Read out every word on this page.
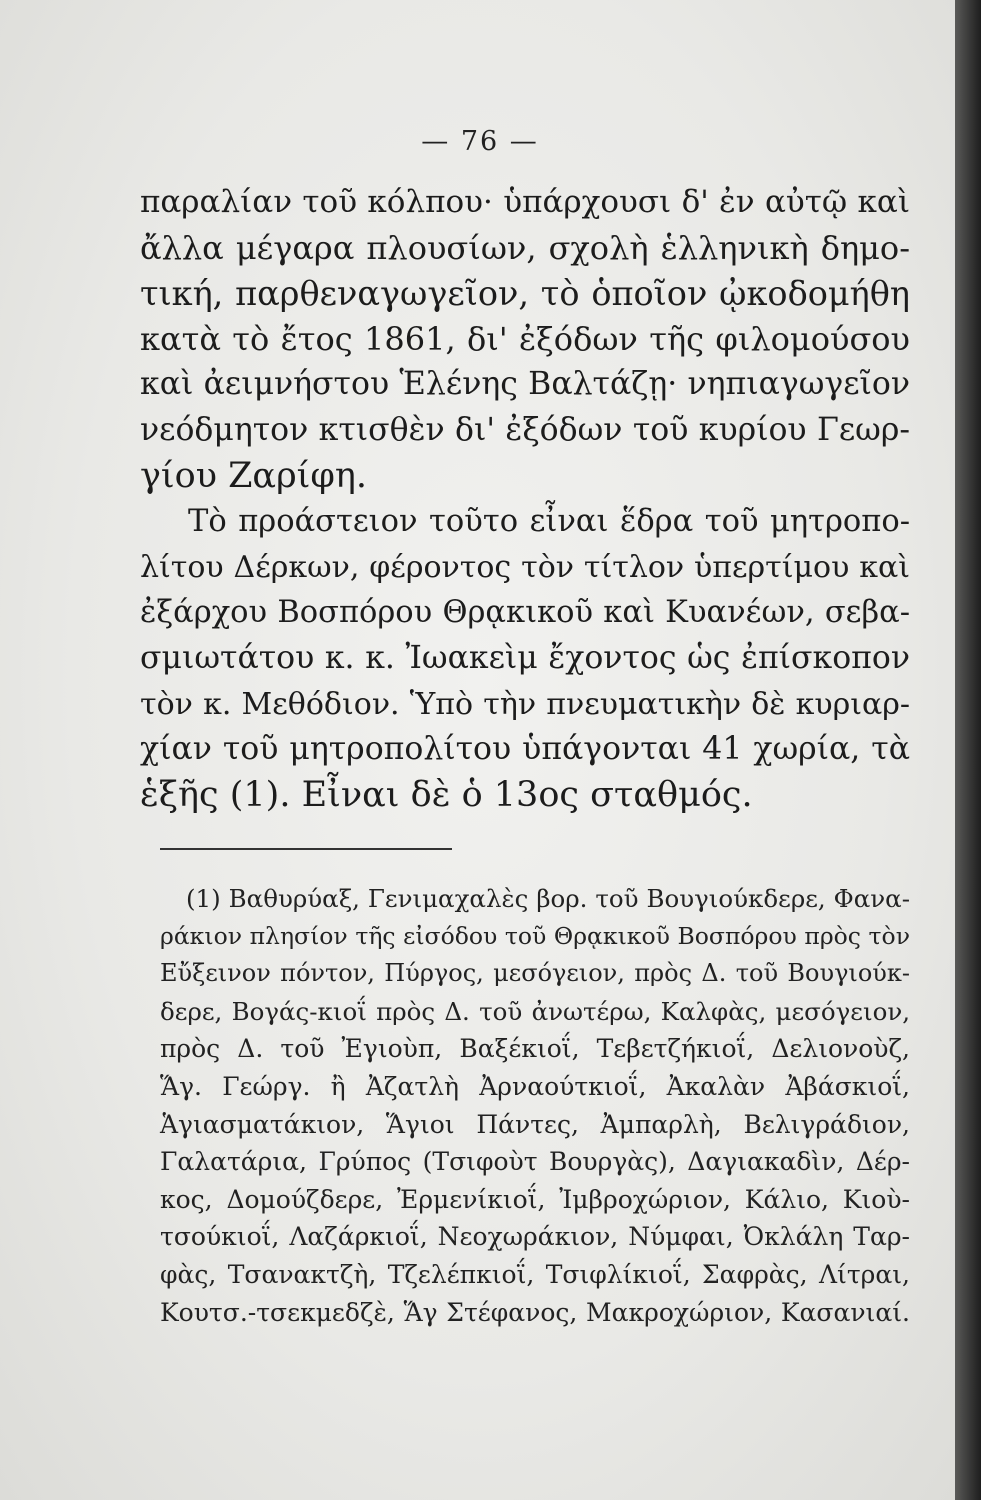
— 76 —
παραλίαν τοῦ κόλπου· ὑπάρχουσι δ' ἐν αὐτῷ καὶ
ἄλλα μέγαρα πλουσίων, σχολὴ ἑλληνικὴ δημο-
τική, παρθεναγωγεῖον, τὸ ὁποῖον ᾠκοδομήθη
κατὰ τὸ ἔτος 1861, δι' ἐξόδων τῆς φιλομούσου
καὶ ἀειμνήστου Ἑλένης Βαλτάζῃ· νηπιαγωγεῖον
νεόδμητον κτισθὲν δι' ἐξόδων τοῦ κυρίου Γεωρ-
γίου Ζαρίφη.
Τὸ προάστειον τοῦτο εἶναι ἕδρα τοῦ μητροπο-
λίτου Δέρκων, φέροντος τὸν τίτλον ὑπερτίμου καὶ
ἐξάρχου Βοσπόρου Θρᾳκικοῦ καὶ Κυανέων, σεβα-
σμιωτάτου κ. κ. Ἰωακεὶμ ἔχοντος ὡς ἐπίσκοπον
τὸν κ. Μεθόδιον. Ὑπὸ τὴν πνευματικὴν δὲ κυριαρ-
χίαν τοῦ μητροπολίτου ὑπάγονται 41 χωρία, τὰ
ἑξῆς (1). Εἶναι δὲ ὁ 13ος σταθμός.
(1) Βαθυρύαξ, Γενιμαχαλὲς βορ. τοῦ Βουγιούκδερε, Φανα-
ράκιον πλησίον τῆς εἰσόδου τοῦ Θρᾳκικοῦ Βοσπόρου πρὸς τὸν
Εὔξεινον πόντον, Πύργος, μεσόγειον, πρὸς Δ. τοῦ Βουγιούκ-
δερε, Βογάς-κιοΐ πρὸς Δ. τοῦ ἀνωτέρω, Καλφὰς, μεσόγειον,
πρὸς Δ. τοῦ Ἐγιοὺπ, Βαξέκιοΐ, Τεβετζήκιοΐ, Δελιονοὺζ,
Ἅγ. Γεώργ. ἢ Ἀζατλὴ Ἀρναούτκιοΐ, Ἀκαλὰν Ἀβάσκιοΐ,
Ἁγιασματάκιον, Ἅγιοι Πάντες, Ἀμπαρλὴ, Βελιγράδιον,
Γαλατάρια, Γρύπος (Τσιφοὺτ Βουργὰς), Δαγιακαδὶν, Δέρ-
κος, Δομούζδερε, Ἐρμενίκιοΐ, Ἰμβροχώριον, Κάλιο, Κιοὺ-
τσούκιοΐ, Λαζάρκιοΐ, Νεοχωράκιον, Νύμφαι, Ὀκλάλη Ταρ-
φὰς, Τσανακτζὴ, Τζελέπκιοΐ, Τσιφλίκιοΐ, Σαφρὰς, Λίτραι,
Κουτσ.-τσεκμεδζὲ, Ἅγ Στέφανος, Μακροχώριον, Κασανιαί.
